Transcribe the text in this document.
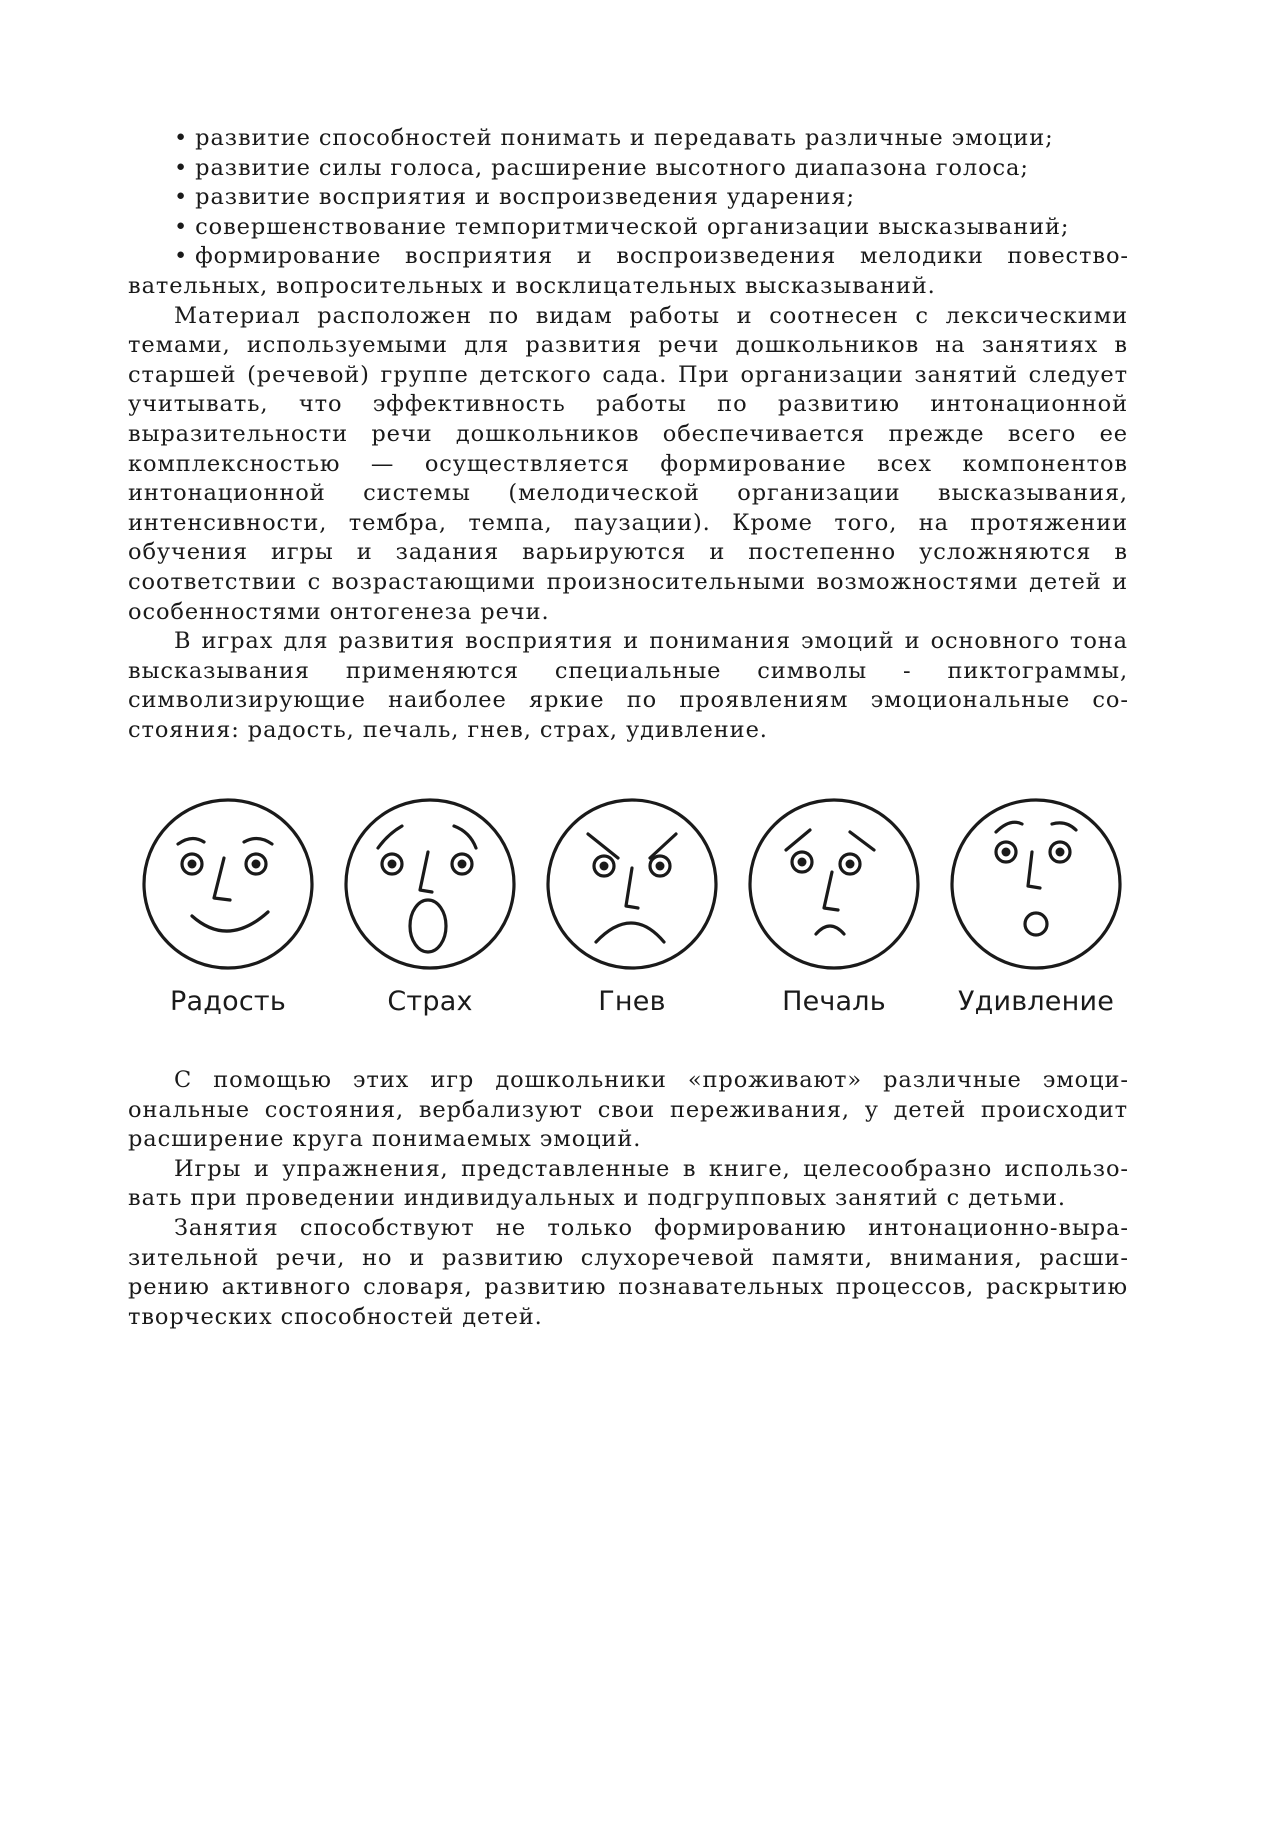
• развитие способностей понимать и передавать различные эмоции;
• развитие силы голоса, расширение высотного диапазона голоса;
• развитие восприятия и воспроизведения ударения;
• совершенствование темпоритмической организации высказываний;
• формирование восприятия и воспроизведения мелодики повествовательных, вопросительных и восклицательных высказываний.

Материал расположен по видам работы и соотнесен с лексическими темами, используемыми для развития речи дошкольников на занятиях в старшей (речевой) группе детского сада. При организации занятий следует учитывать, что эффективность работы по развитию интонационной выразительности речи дошкольников обеспечивается прежде всего ее комплексностью — осуществляется формирование всех компонентов интонационной системы (мелодической организации высказывания, интенсивности, тембра, темпа, паузации). Кроме того, на протяжении обучения игры и задания варьируются и постепенно усложняются в соответствии с возрастающими произносительными возможностями детей и особенностями онтогенеза речи.

В играх для развития восприятия и понимания эмоций и основного тона высказывания применяются специальные символы - пиктограммы, символизирующие наиболее яркие по проявлениям эмоциональные состояния: радость, печаль, гнев, страх, удивление.

Радость	Страх	Гнев	Печаль	Удивление

С помощью этих игр дошкольники «проживают» различные эмоциональные состояния, вербализуют свои переживания, у детей происходит расширение круга понимаемых эмоций.

Игры и упражнения, представленные в книге, целесообразно использовать при проведении индивидуальных и подгрупповых занятий с детьми.

Занятия способствуют не только формированию интонационно-выразительной речи, но и развитию слухоречевой памяти, внимания, расширению активного словаря, развитию познавательных процессов, раскрытию творческих способностей детей.
